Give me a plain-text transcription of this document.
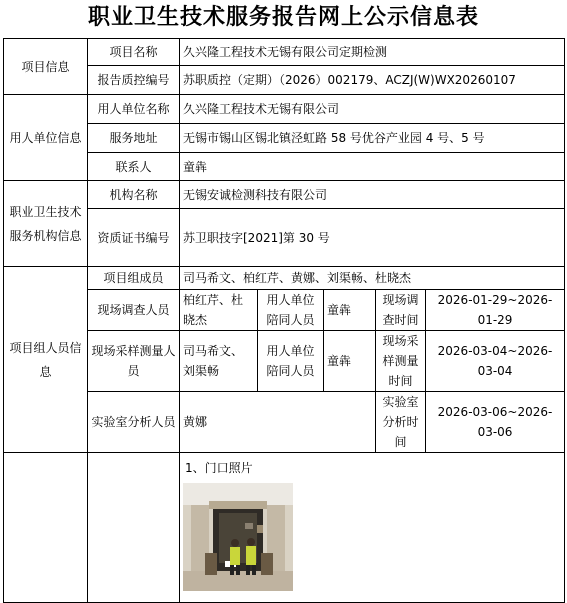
职业卫生技术服务报告网上公示信息表
项目信息	项目名称	久兴隆工程技术无锡有限公司定期检测				
	报告质控编号	苏职质控（定期）（2026）002179、ACZJ(W)WX20260107				
用人单位信息	用人单位名称	久兴隆工程技术无锡有限公司				
	服务地址	无锡市锡山区锡北镇泾虹路 58 号优谷产业园 4 号、5 号				
	联系人	童犇				
职业卫生技术服务机构信息	机构名称	无锡安诚检测科技有限公司				
	资质证书编号	苏卫职技字[2021]第 30 号				
项目组人员信息	项目组成员	司马希文、柏红芹、黄娜、刘渠畅、杜晓杰				
	现场调查人员	柏红芹、杜晓杰	用人单位陪同人员	童犇	现场调查时间	2026-01-29~2026-01-29
	现场采样测量人员	司马希文、刘渠畅	用人单位陪同人员	童犇	现场采样测量时间	2026-03-04~2026-03-04
	实验室分析人员	黄娜			实验室分析时间	2026-03-06~2026-03-06

		1、门口照片				
